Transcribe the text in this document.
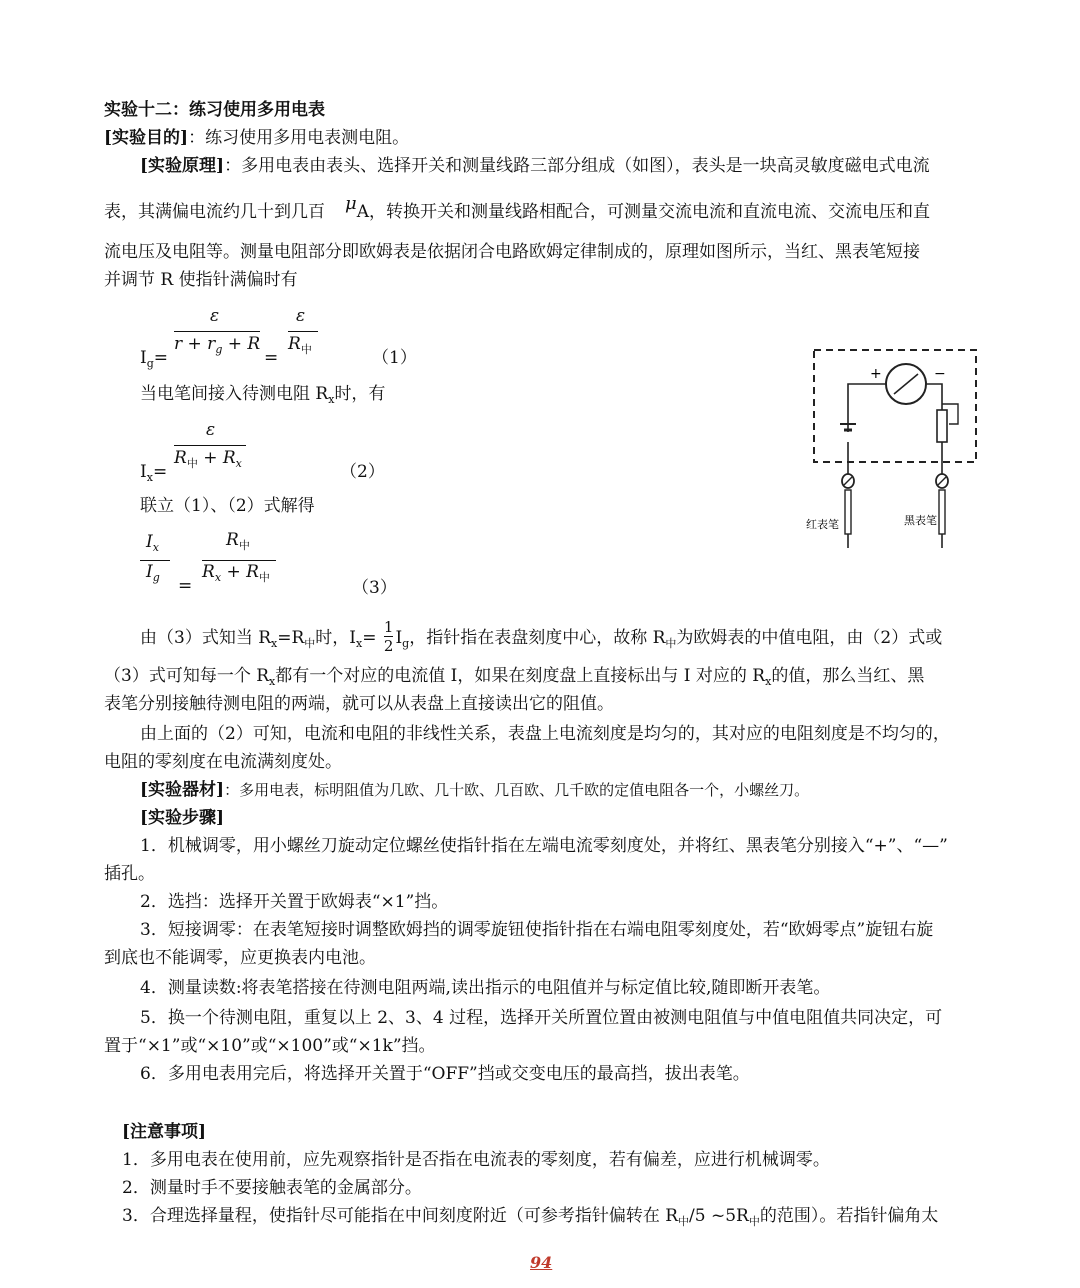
实验十二：练习使用多用电表
[实验目的]：练习使用多用电表测电阻。
[实验原理]：多用电表由表头、选择开关和测量线路三部分组成（如图），表头是一块高灵敏度磁电式电流
表，其满偏电流约几十到几百 μA，转换开关和测量线路相配合，可测量交流电流和直流电流、交流电压和直
流电压及电阻等。测量电阻部分即欧姆表是依据闭合电路欧姆定律制成的，原理如图所示，当红、黑表笔短接
并调节 R 使指针满偏时有
$I_g=$
ε
$r + r_g + R$
=
ε
$R_中$	（1）
当电笔间接入待测电阻 $R_x$时，有
$I_x=$
ε
$R_中 + R_x$	（2）
联立（1）、（2）式解得
$I_x$
$I_g$ =
$R_中$
$R_x + R_中$
（3）
由（3）式知当 $R_x=R_中$时，$I_x= \frac{1}{2} I_g$，指针指在表盘刻度中心，故称 $R_中$为欧姆表的中值电阻，由（2）式或
（3）式可知每一个 $R_x$都有一个对应的电流值 I，如果在刻度盘上直接标出与 I 对应的 $R_x$的值，那么当红、黑
表笔分别接触待测电阻的两端，就可以从表盘上直接读出它的阻值。
由上面的（2）可知，电流和电阻的非线性关系，表盘上电流刻度是均匀的，其对应的电阻刻度是不均匀的，
电阻的零刻度在电流满刻度处。
[实验器材]：多用电表，标明阻值为几欧、几十欧、几百欧、几千欧的定值电阻各一个，小螺丝刀。
[实验步骤]
1．机械调零，用小螺丝刀旋动定位螺丝使指针指在左端电流零刻度处，并将红、黑表笔分别接入“+”、“—”
插孔。
2．选挡：选择开关置于欧姆表“×1”挡。
3．短接调零：在表笔短接时调整欧姆挡的调零旋钮使指针指在右端电阻零刻度处，若“欧姆零点”旋钮右旋
到底也不能调零，应更换表内电池。
4．测量读数:将表笔搭接在待测电阻两端,读出指示的电阻值并与标定值比较,随即断开表笔。
5．换一个待测电阻，重复以上 2、3、4 过程，选择开关所置位置由被测电阻值与中值电阻值共同决定，可
置于“×1”或“×10”或“×100”或“×1k”挡。
6．多用电表用完后，将选择开关置于“OFF”挡或交变电压的最高挡，拔出表笔。
[注意事项]
1．多用电表在使用前，应先观察指针是否指在电流表的零刻度，若有偏差，应进行机械调零。
2．测量时手不要接触表笔的金属部分。
3．合理选择量程，使指针尽可能指在中间刻度附近（可参考指针偏转在 $R_中/5$ $\sim 5R_中$的范围）。若指针偏角太
+	−
红表笔	黑表笔
94
